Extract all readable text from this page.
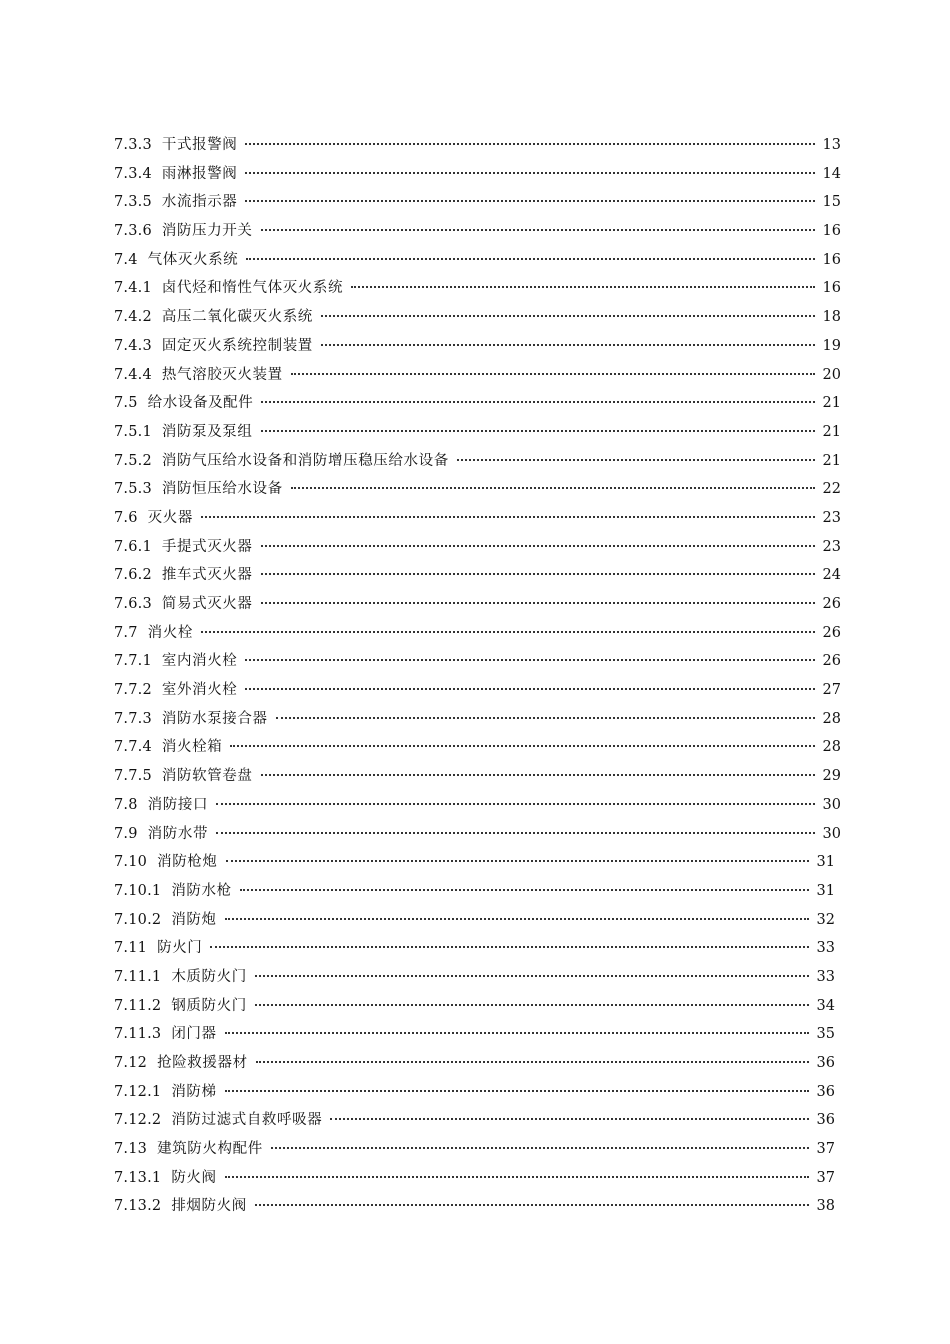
7.3.3 干式报警阀	13
7.3.4 雨淋报警阀	14
7.3.5 水流指示器	15
7.3.6 消防压力开关	16
7.4 气体灭火系统	16
7.4.1 卤代烃和惰性气体灭火系统	16
7.4.2 高压二氧化碳灭火系统	18
7.4.3 固定灭火系统控制装置	19
7.4.4 热气溶胶灭火装置	20
7.5 给水设备及配件	21
7.5.1 消防泵及泵组	21
7.5.2 消防气压给水设备和消防增压稳压给水设备	21
7.5.3 消防恒压给水设备	22
7.6 灭火器	23
7.6.1 手提式灭火器	23
7.6.2 推车式灭火器	24
7.6.3 简易式灭火器	26
7.7 消火栓	26
7.7.1 室内消火栓	26
7.7.2 室外消火栓	27
7.7.3 消防水泵接合器	28
7.7.4 消火栓箱	28
7.7.5 消防软管卷盘	29
7.8 消防接口	30
7.9 消防水带	30
7.10 消防枪炮	31
7.10.1 消防水枪	31
7.10.2 消防炮	32
7.11 防火门	33
7.11.1 木质防火门	33
7.11.2 钢质防火门	34
7.11.3 闭门器	35
7.12 抢险救援器材	36
7.12.1 消防梯	36
7.12.2 消防过滤式自救呼吸器	36
7.13 建筑防火构配件	37
7.13.1 防火阀	37
7.13.2 排烟防火阀	38
